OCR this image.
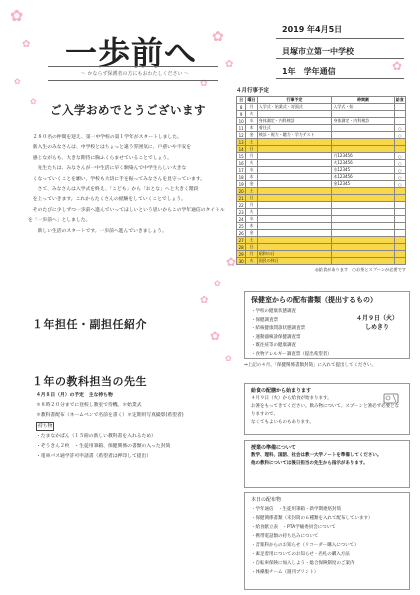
✿
✿	✿
✿
✿	✿
✿
✿
✿
✿
✿
✿
✿
一歩前へ
〜 かならず保護者の方にもおわたしください 〜
2019 年4月5日
貝塚市立第一中学校
1年　学年通信
ご入学おめでとうございます

２８０名の仲間を迎え、第一中学校の第１学年がスタートしました。

新入生のみなさんは、中学校とはちょっと違う雰囲気に、戸惑いや不安を

感じながらも、大きな期待に胸ふくらませていることでしょう。

　先生たちは、みなさんが一中生活に早く馴染んで中学生らしい大きな

くなっていくことを願い、学校も大切に手を振ってみなさんを見守っています。

　さて、みなさんは入学式を終え、「こども」から「おとな」へと大きく階段

を上っていきます。これからたくさんの経験をしていくことでしょう。

そのたびに少しずつ一歩前へ進んでいってほしいという思いからこの学年通信のタイトルを「一歩前へ」としました。

　新しい生活のスタートです。一歩前へ進んでいきましょう。

１年担任・副担任紹介
１年の教科担当の先生
４月８日（月）の予定　主な持ち物
＊８時２０分までに登校し教室で待機。＊始業式
＊教科書配布（ネームペンで名前を書く）＊定期用写真撮影(希望者)
持ち物
・たまなかばん（１５冊の新しい教科書を入れるため）
・ぞうきん２枚　・生徒用筆箱、保健関係の書類の入った封筒
・電車バス通学許可申請書（希望者は押印して提出）
４月行事予定
日	曜日	行事予定	時間割	給食
8	月	入学式・始業式・対面式	入学式・始	
9	火			
10	水	身体測定・内科検診	身体測定・内科検診	
11	木	着任式		○
12	金	検診・視力・聴力・学力テスト		○
13	土			
14	日			
15	月		月123456	○
16	火		火123456	○
17	水		水12345	○
18	木		木123456	○
19	金		金12345	○
20	土			
21	日			
22	月			
23	火			
24	水			
25	木			
26	金			
27	土			
28	日			
29	月	昭和の日		
30	火	国民の休日		
◎給食があります　○お茶とスプーンが必要です
保健室からの配布書類（提出するもの）
・学校の健康状態調査
・保健調査票
・結核健康問診状態調査票
・運動器検診保健調査票
・既往症等の健康調査
・食物アレルギー調査票（提出希望者）
４月９日（火）しめきり
⇒上記の４月、「保健関係書類封筒」に入れて提出してください。
給食の配膳から始まります
４月９日（火）から給食が始まります。
お箸をもってきてください。飲み物について、スプーンと箸必ず必要となりますので、
なくてもよいものもあります。
授業の準備について
数学、理科、国語、社会は教一大学ノートを準備してください。
他の教科については後日担当の先生から指示があります。
本日の配布物
・学年通信　・生徒用筆箱・新学期連絡封筒
・保健関係書類（未封筒の６種類を入れて配布しています）
・給食献立表　・PTA学級委員会について
・携帯電話類の持ち込みについて
・音楽科からのお知らせ（リコーダー購入について）
・素足着用についてのお知らせ・名札の購入方法
・自転車保険に加入しよう・総合保険制度のご案内
・体操服チーム（週刊プリント）
